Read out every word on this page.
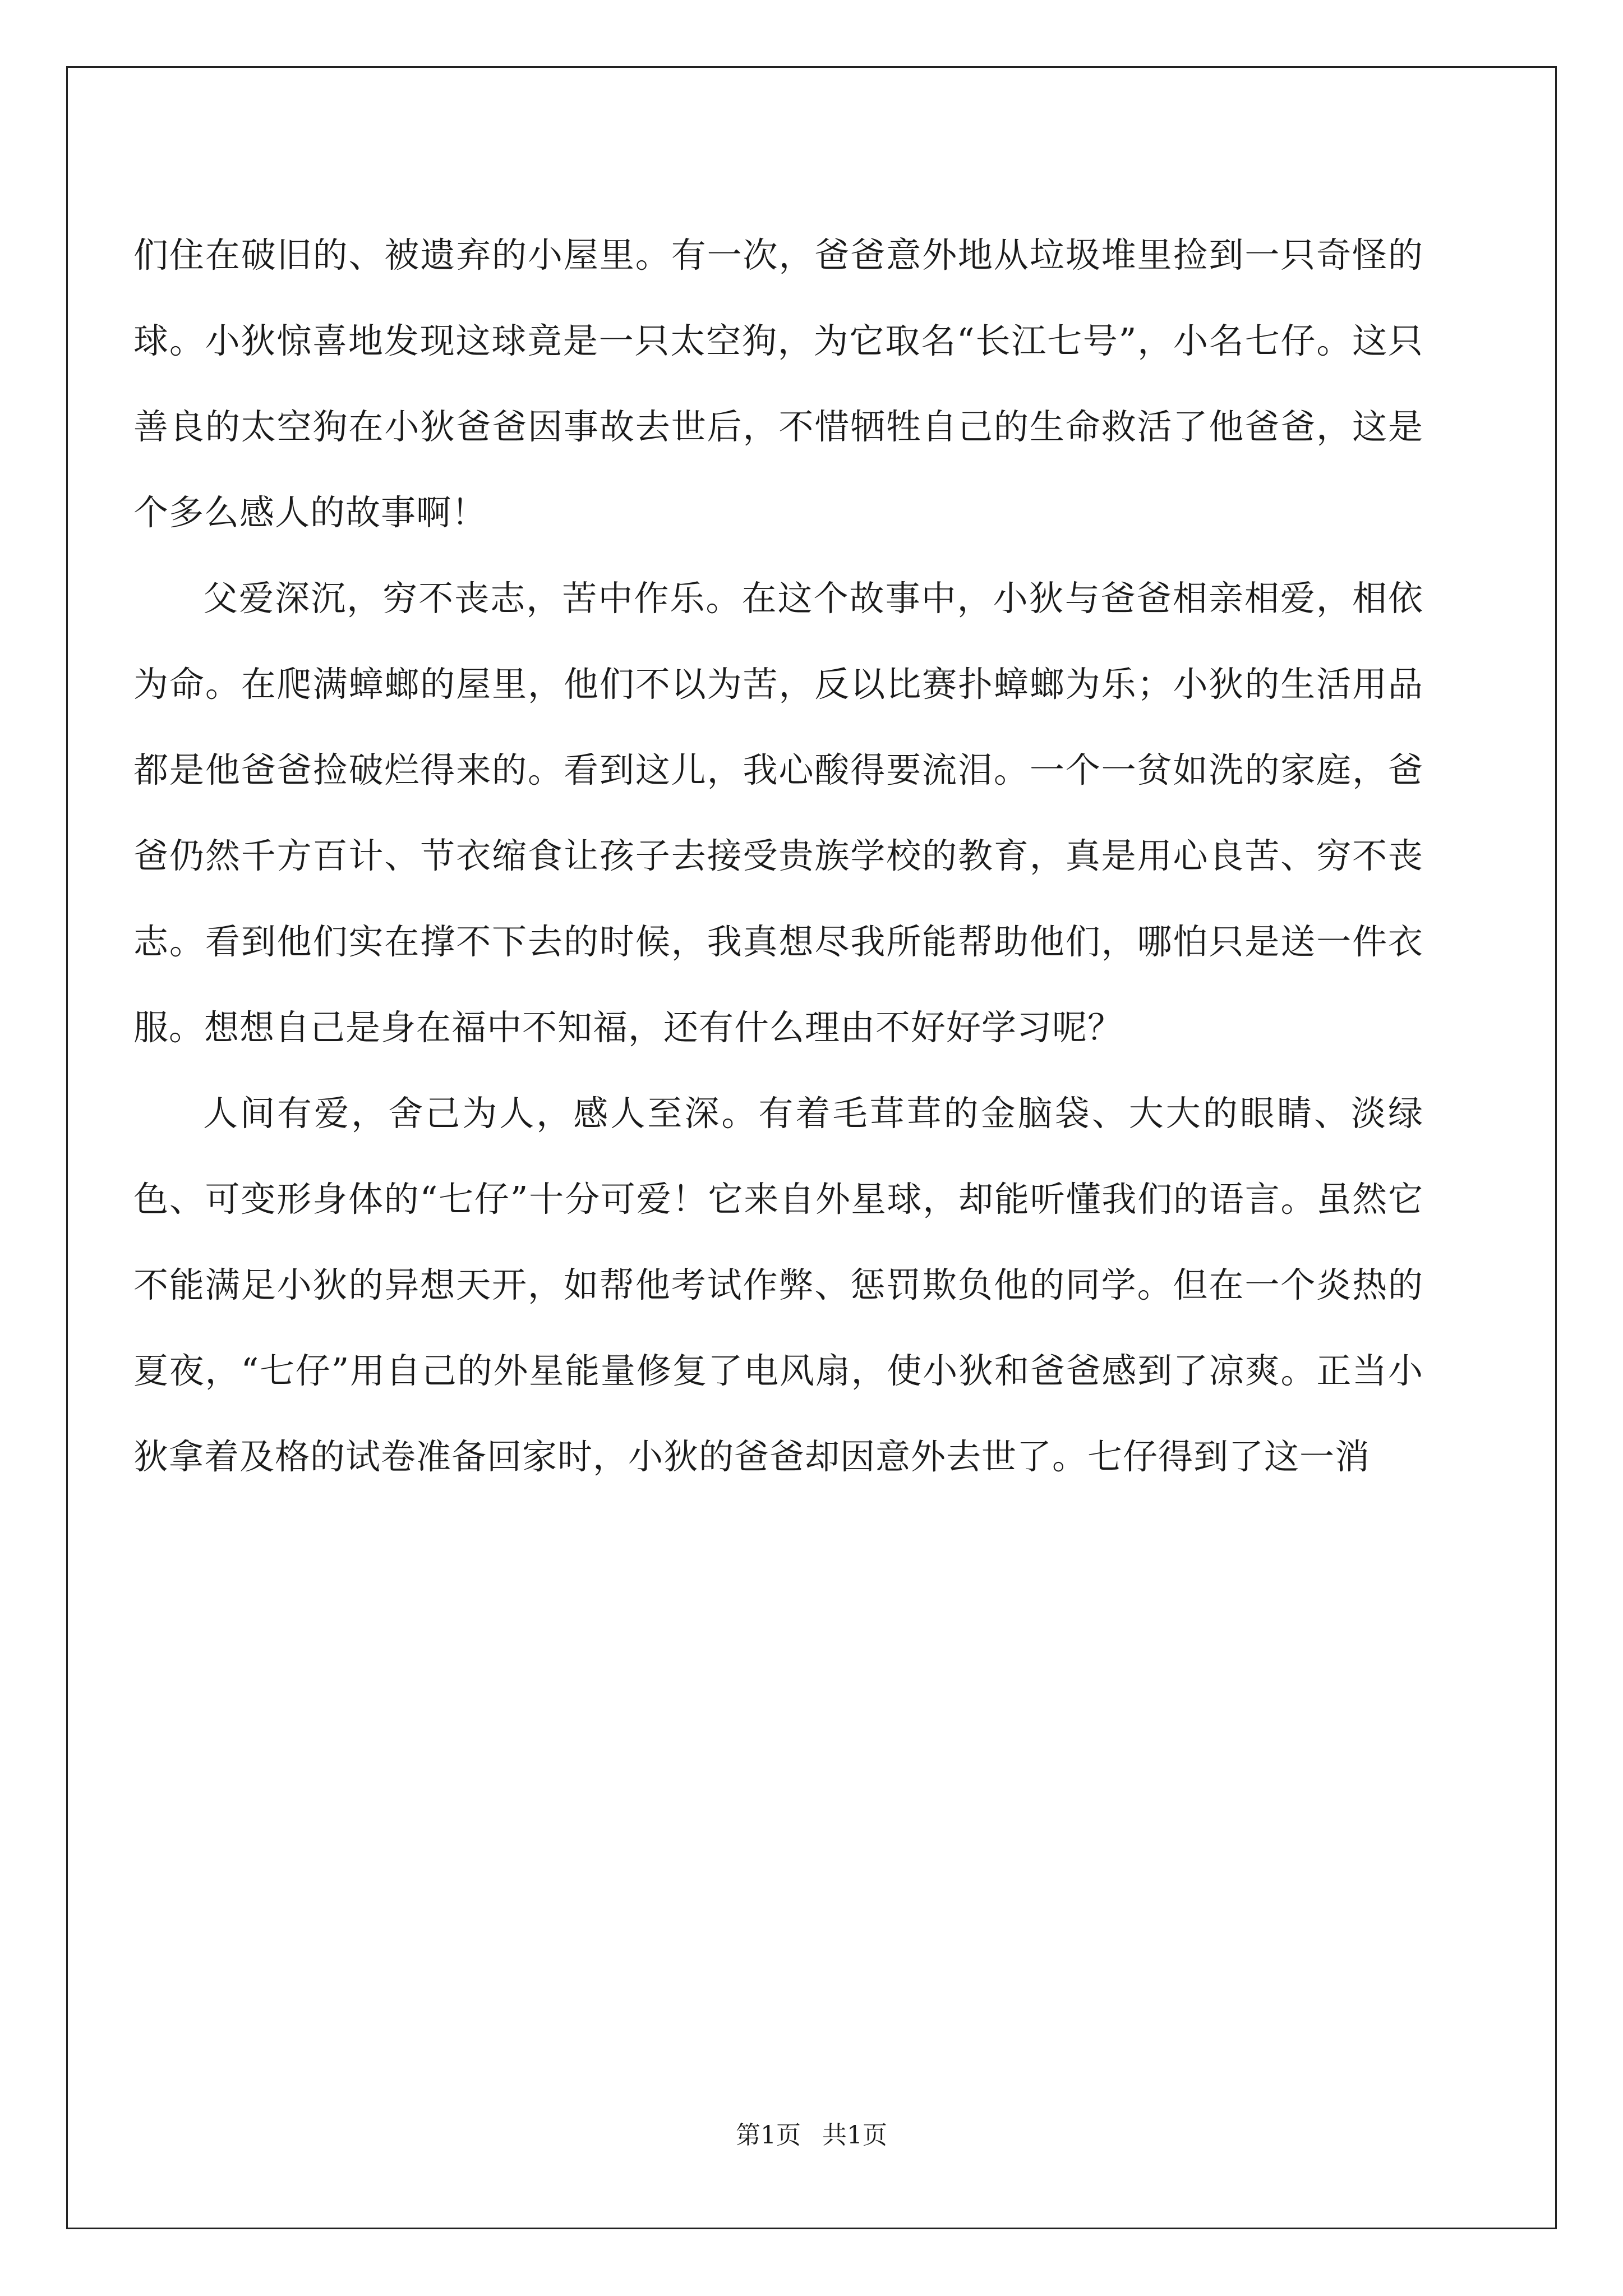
们住在破旧的、被遗弃的小屋里。有一次，爸爸意外地从垃圾堆里捡到一只奇怪的球。小狄惊喜地发现这球竟是一只太空狗，为它取名“长江七号”，小名七仔。这只善良的太空狗在小狄爸爸因事故去世后，不惜牺牲自己的生命救活了他爸爸，这是个多么感人的故事啊！

父爱深沉，穷不丧志，苦中作乐。在这个故事中，小狄与爸爸相亲相爱，相依为命。在爬满蟑螂的屋里，他们不以为苦，反以比赛扑蟑螂为乐；小狄的生活用品都是他爸爸捡破烂得来的。看到这儿，我心酸得要流泪。一个一贫如洗的家庭，爸爸仍然千方百计、节衣缩食让孩子去接受贵族学校的教育，真是用心良苦、穷不丧志。看到他们实在撑不下去的时候，我真想尽我所能帮助他们，哪怕只是送一件衣服。想想自己是身在福中不知福，还有什么理由不好好学习呢？

人间有爱，舍己为人，感人至深。有着毛茸茸的金脑袋、大大的眼睛、淡绿色、可变形身体的“七仔”十分可爱！它来自外星球，却能听懂我们的语言。虽然它不能满足小狄的异想天开，如帮他考试作弊、惩罚欺负他的同学。但在一个炎热的夏夜，“七仔”用自己的外星能量修复了电风扇，使小狄和爸爸感到了凉爽。正当小狄拿着及格的试卷准备回家时，小狄的爸爸却因意外去世了。七仔得到了这一消

第1页 共1页
